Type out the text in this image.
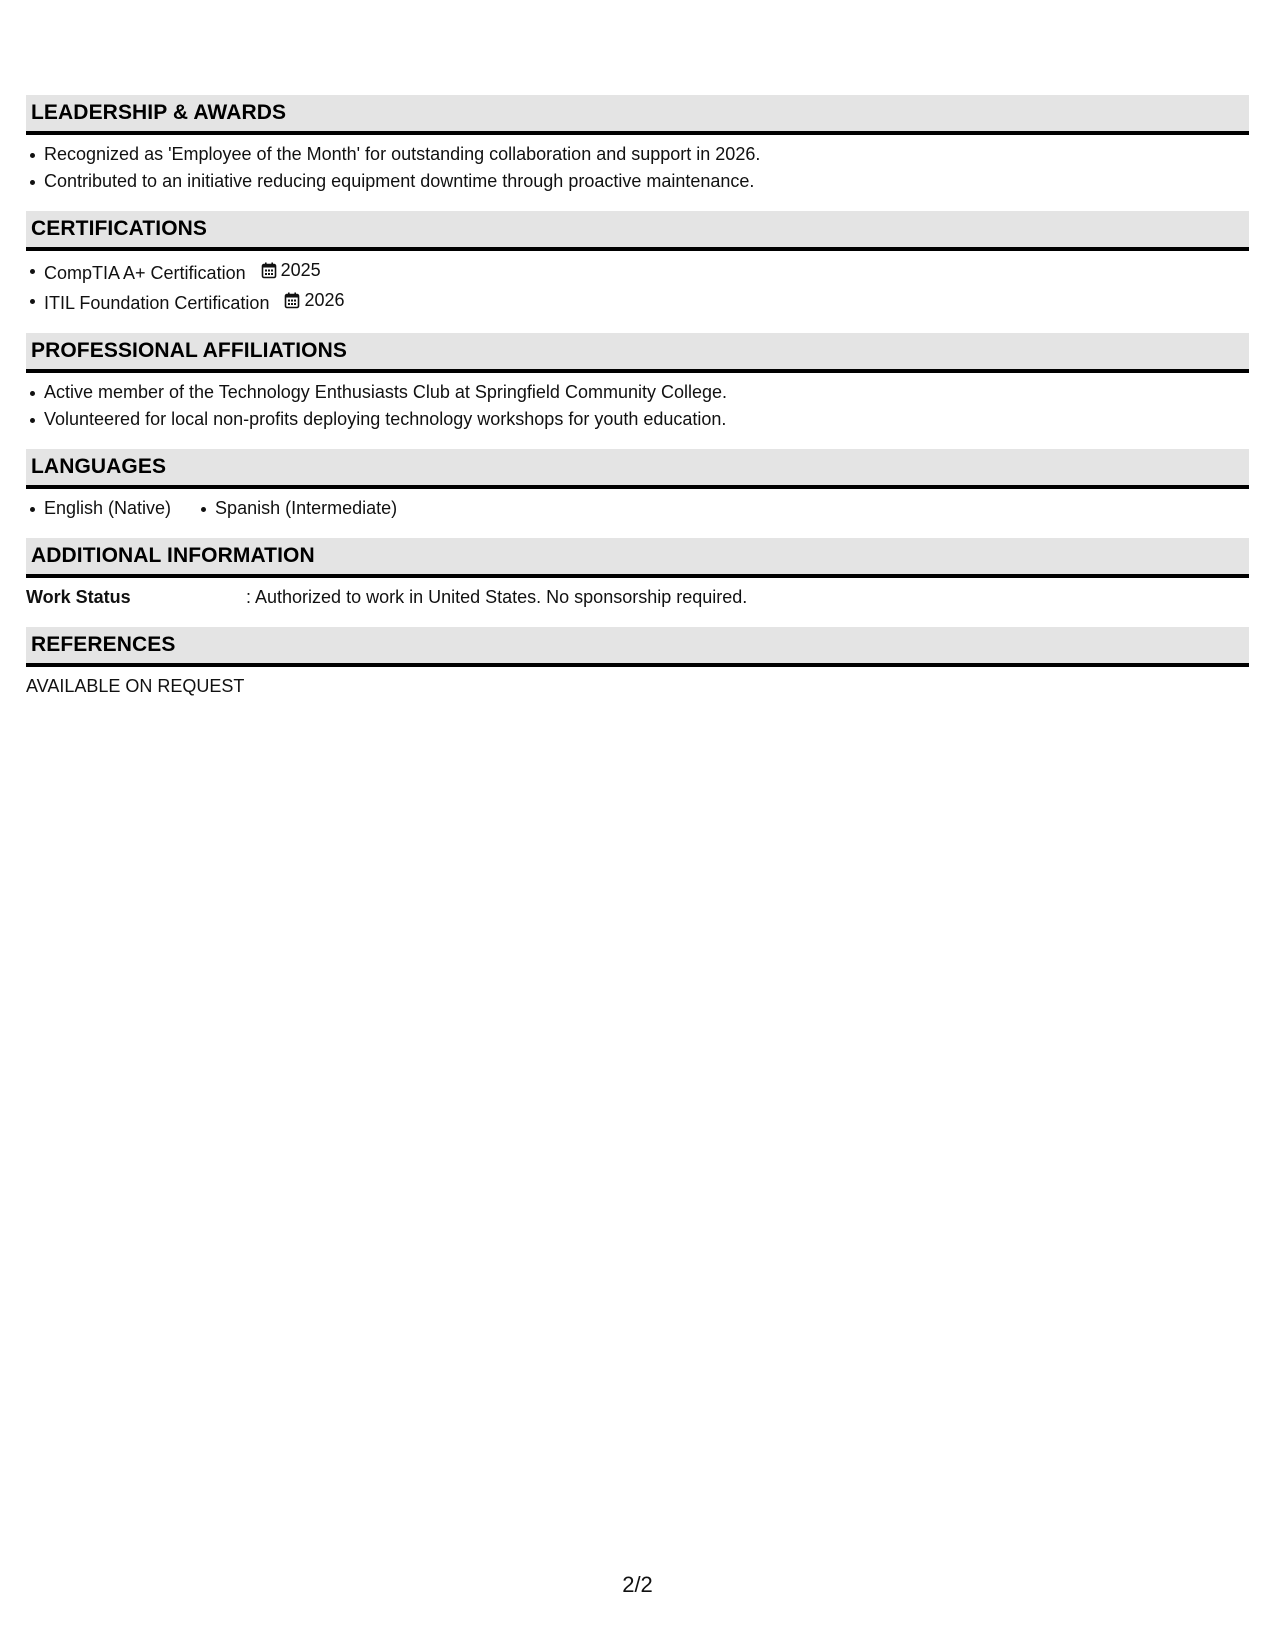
LEADERSHIP & AWARDS
Recognized as 'Employee of the Month' for outstanding collaboration and support in 2026.
Contributed to an initiative reducing equipment downtime through proactive maintenance.
CERTIFICATIONS
CompTIA A+ Certification 2025
ITIL Foundation Certification 2026
PROFESSIONAL AFFILIATIONS
Active member of the Technology Enthusiasts Club at Springfield Community College.
Volunteered for local non-profits deploying technology workshops for youth education.
LANGUAGES
English (Native) Spanish (Intermediate)
ADDITIONAL INFORMATION
Work Status	: Authorized to work in United States. No sponsorship required.
REFERENCES
AVAILABLE ON REQUEST
2/2
